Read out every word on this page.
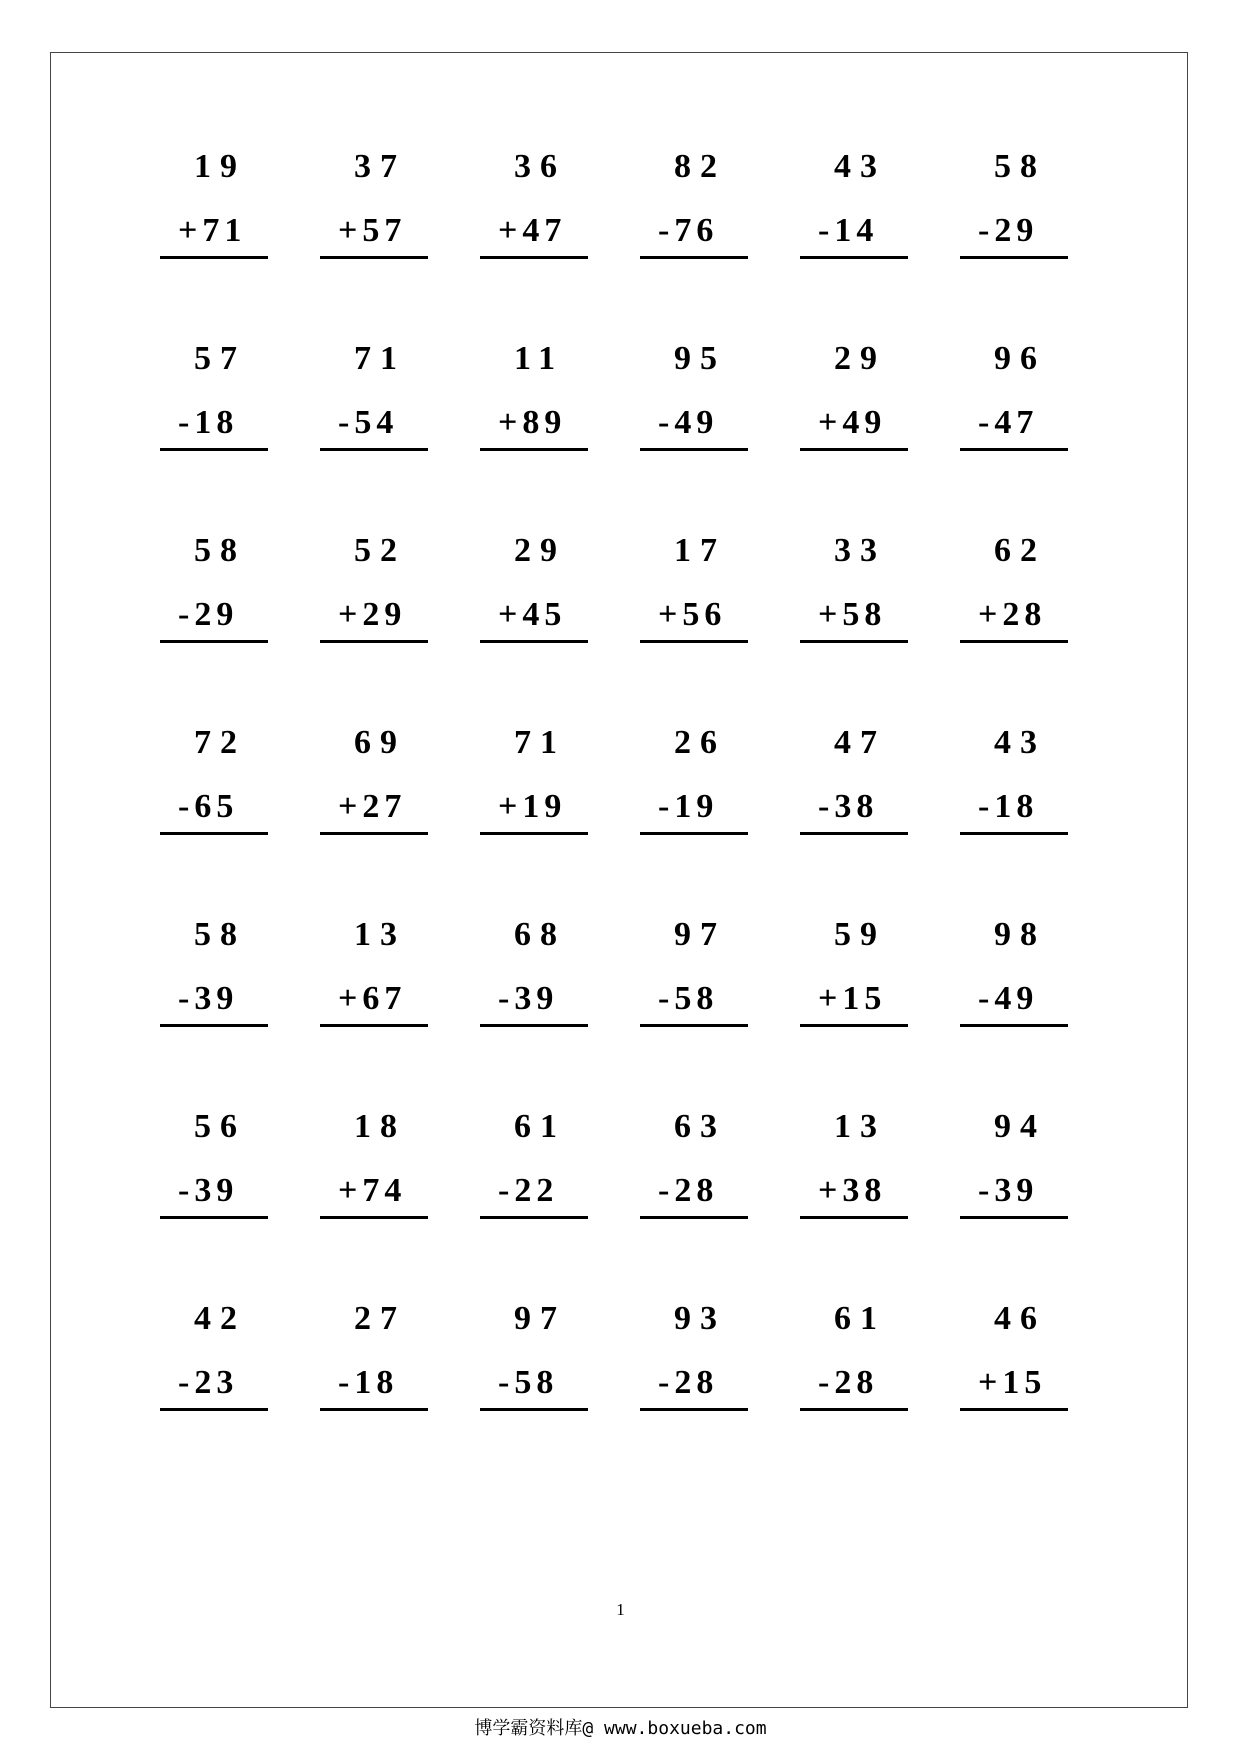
19
+71
37
+57
36
+47
82
-76
43
-14
58
-29
57
-18
71
-54
11
+89
95
-49
29
+49
96
-47
58
-29
52
+29
29
+45
17
+56
33
+58
62
+28
72
-65
69
+27
71
+19
26
-19
47
-38
43
-18
58
-39
13
+67
68
-39
97
-58
59
+15
98
-49
56
-39
18
+74
61
-22
63
-28
13
+38
94
-39
42
-23
27
-18
97
-58
93
-28
61
-28
46
+15
1
博学霸资料库@ www.boxueba.com
